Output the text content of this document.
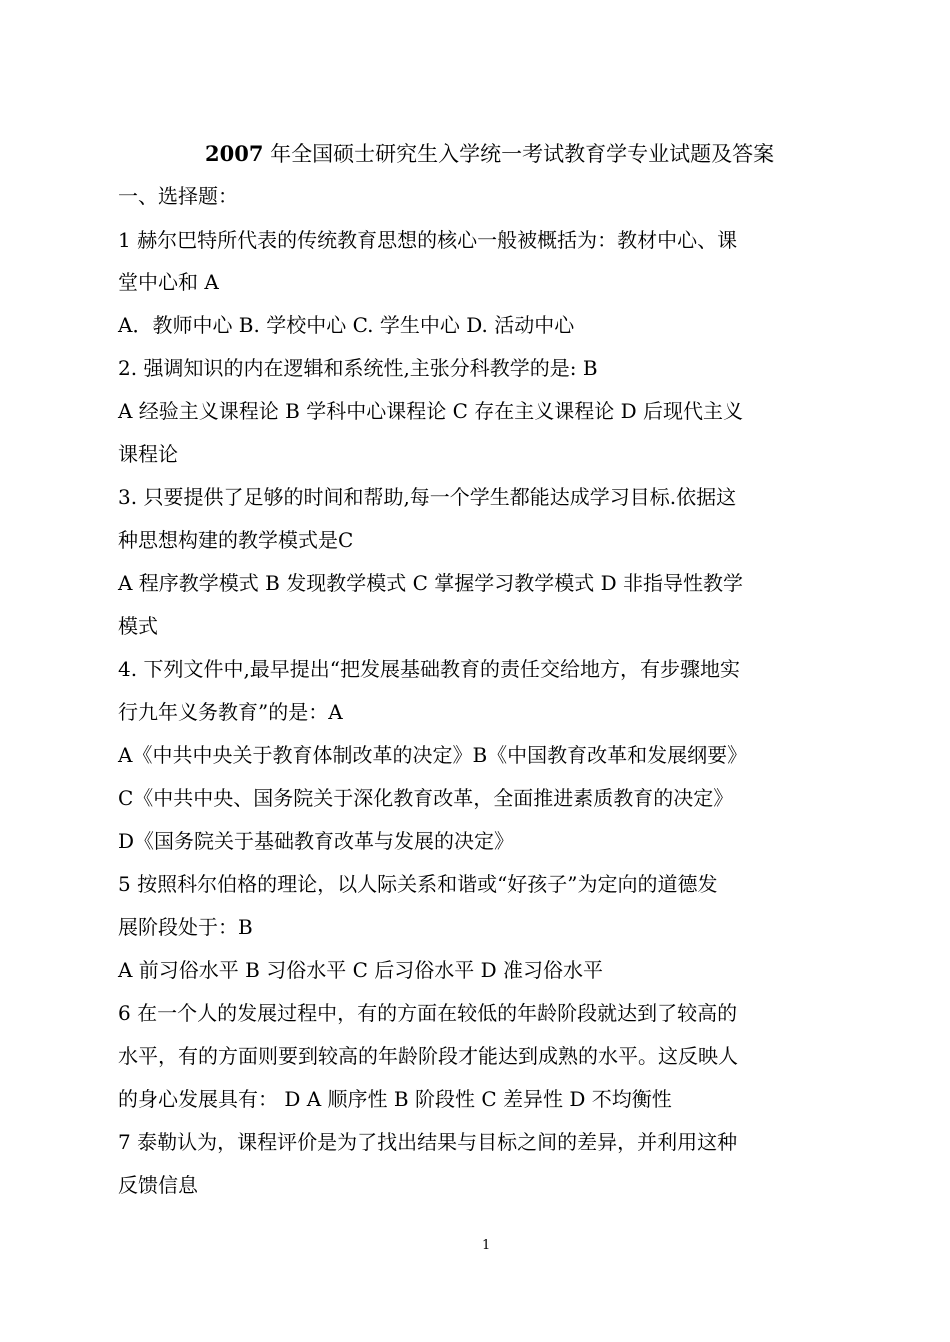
2007 年全国硕士研究生入学统一考试教育学专业试题及答案
一、选择题：
1 赫尔巴特所代表的传统教育思想的核心一般被概括为：教材中心、课
堂中心和 A
A．教师中心 B. 学校中心 C. 学生中心 D. 活动中心
2. 强调知识的内在逻辑和系统性,主张分科教学的是: B
A 经验主义课程论 B 学科中心课程论 C 存在主义课程论 D 后现代主义
课程论
3. 只要提供了足够的时间和帮助,每一个学生都能达成学习目标.依据这
种思想构建的教学模式是C
A 程序教学模式 B 发现教学模式 C 掌握学习教学模式 D 非指导性教学
模式
4. 下列文件中,最早提出“把发展基础教育的责任交给地方，有步骤地实
行九年义务教育”的是：A
A《中共中央关于教育体制改革的决定》B《中国教育改革和发展纲要》
C《中共中央、国务院关于深化教育改革，全面推进素质教育的决定》
D《国务院关于基础教育改革与发展的决定》
5 按照科尔伯格的理论，以人际关系和谐或“好孩子”为定向的道德发
展阶段处于：B
A 前习俗水平 B 习俗水平 C 后习俗水平 D 准习俗水平
6 在一个人的发展过程中，有的方面在较低的年龄阶段就达到了较高的
水平，有的方面则要到较高的年龄阶段才能达到成熟的水平。这反映人
的身心发展具有： D A 顺序性 B 阶段性 C 差异性 D 不均衡性
7 泰勒认为，课程评价是为了找出结果与目标之间的差异，并利用这种
反馈信息
1
